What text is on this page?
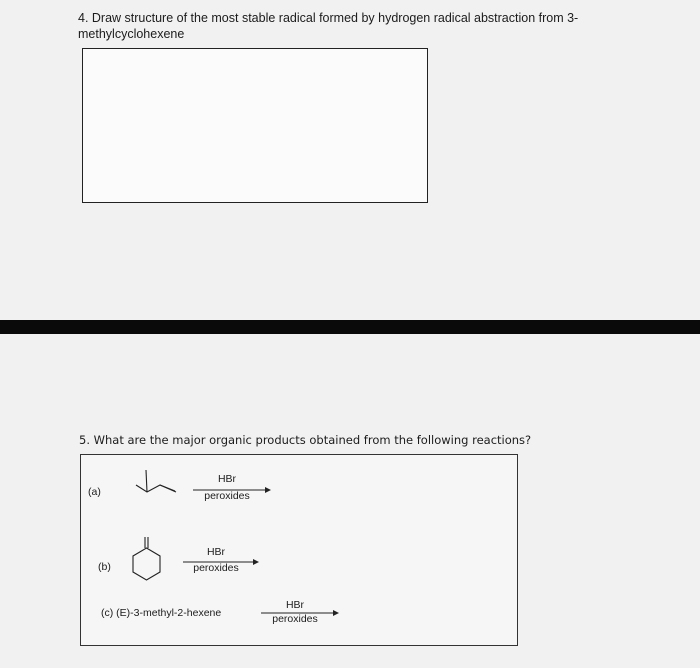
4. Draw structure of the most stable radical formed by hydrogen radical abstraction from 3-
methylcyclohexene
5. What are the major organic products obtained from the following reactions?
(a)
HBr
peroxides
(b)
HBr
peroxides
(c) (E)-3-methyl-2-hexene
HBr
peroxides
